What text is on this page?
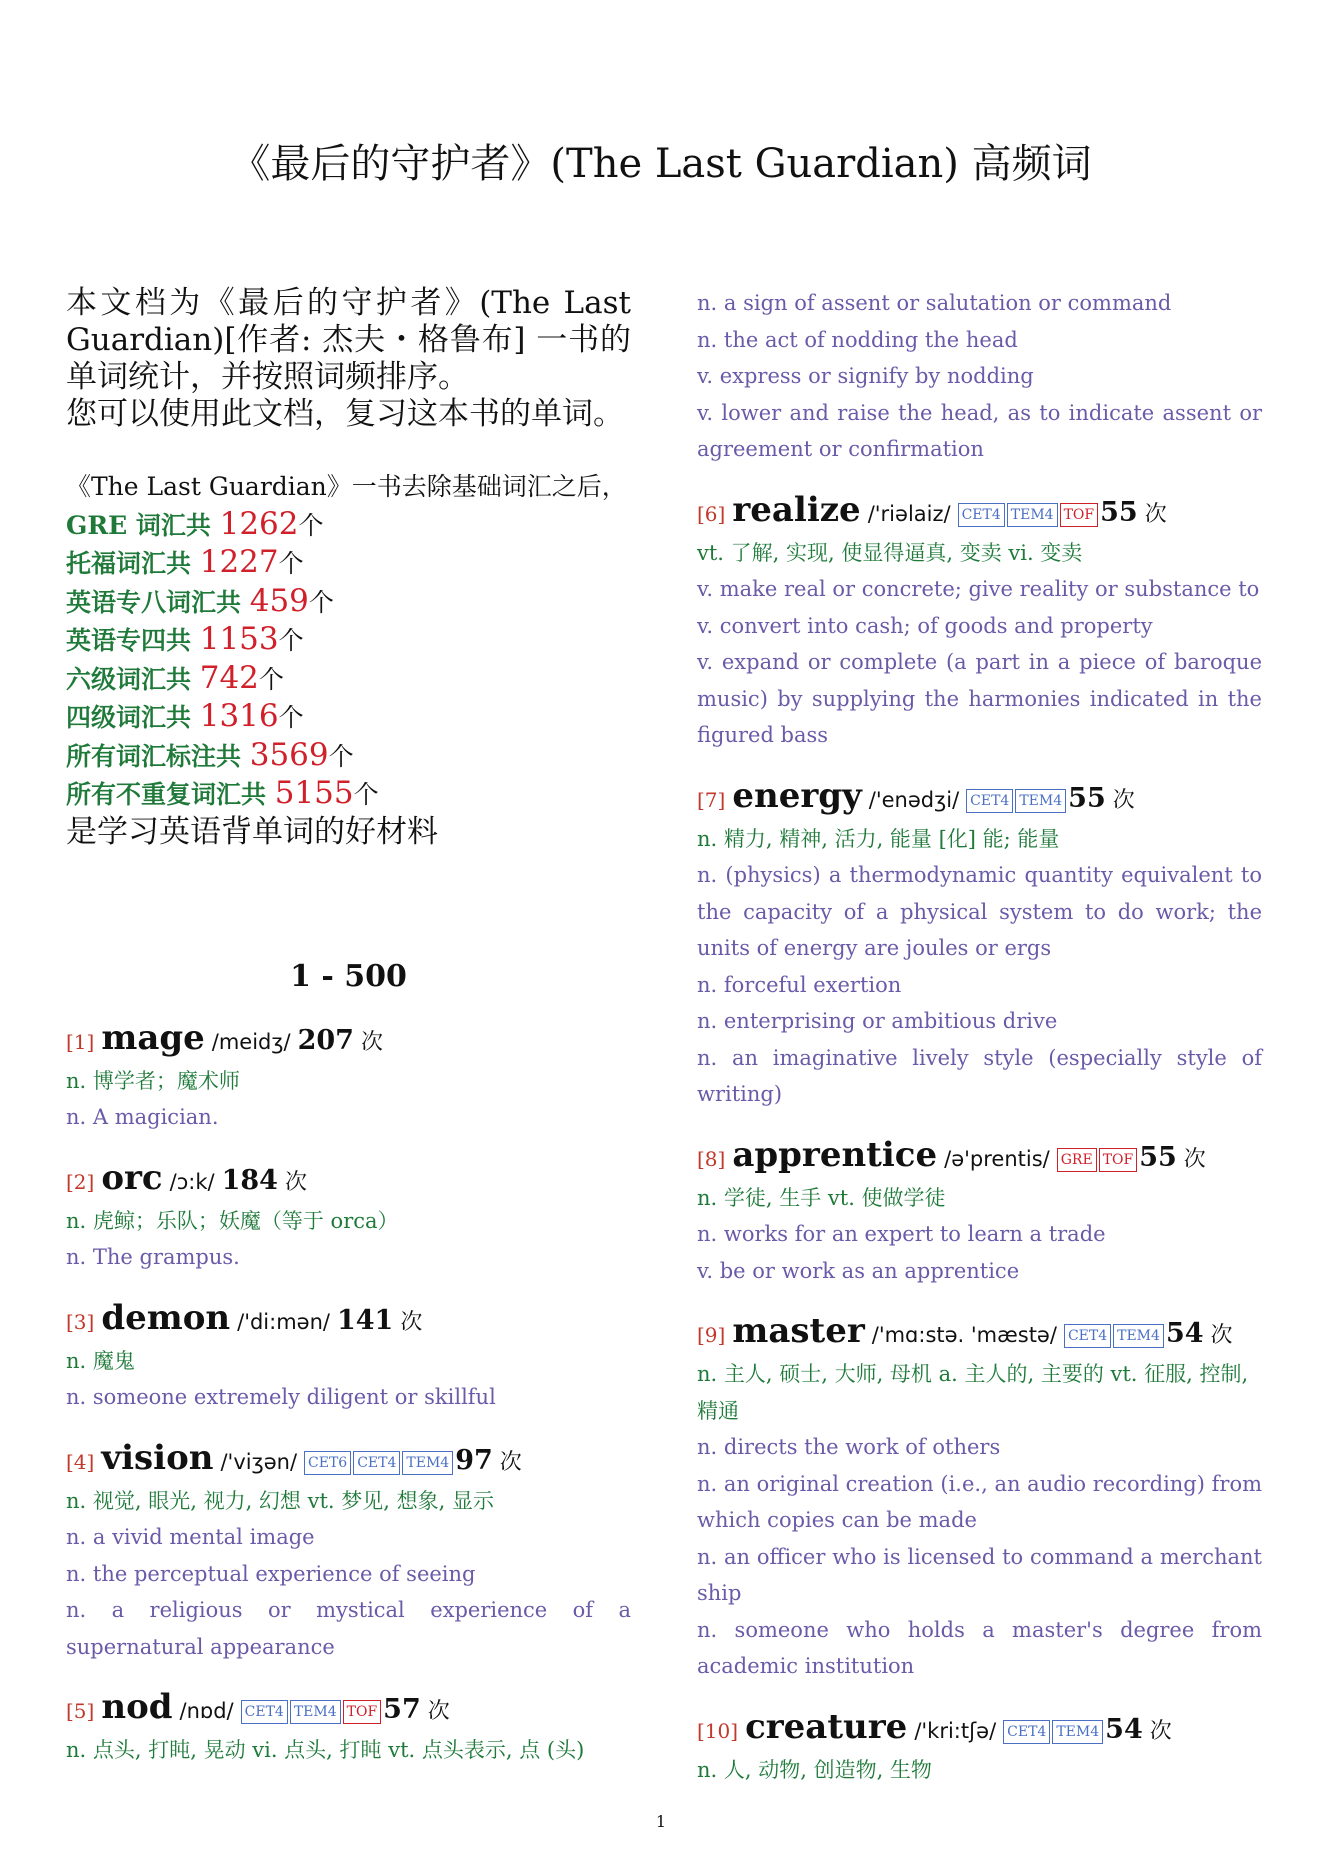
《最后的守护者》(The Last Guardian) 高频词

本文档为《最后的守护者》(The Last Guardian)[作者: 杰夫・格鲁布] 一书的单词统计，并按照词频排序。

您可以使用此文档，复习这本书的单词。

《The Last Guardian》一书去除基础词汇之后，
GRE 词汇共 1262个
托福词汇共 1227个
英语专八词汇共 459个
英语专四共 1153个
六级词汇共 742个
四级词汇共 1316个
所有词汇标注共 3569个
所有不重复词汇共 5155个
是学习英语背单词的好材料
1 - 500
[1] mage /meidʒ/ 207 次
n. 博学者；魔术师
n. A magician.
[2] orc /ɔ:k/ 184 次
n. 虎鲸；乐队；妖魔（等于 orca）
n. The grampus.
[3] demon /'di:mən/ 141 次
n. 魔鬼
n. someone extremely diligent or skillful
[4] vision /'viʒən/ CET6 CET4 TEM4 97 次
n. 视觉, 眼光, 视力, 幻想 vt. 梦见, 想象, 显示
n. a vivid mental image
n. the perceptual experience of seeing
n. a religious or mystical experience of a supernatural appearance
[5] nod /nɒd/ CET4 TEM4 TOF 57 次
n. 点头, 打盹, 晃动 vi. 点头, 打盹 vt. 点头表示, 点 (头)
n. a sign of assent or salutation or command
n. the act of nodding the head
v. express or signify by nodding
v. lower and raise the head, as to indicate assent or agreement or confirmation
[6] realize /'riəlaiz/ CET4 TEM4 TOF 55 次
vt. 了解, 实现, 使显得逼真, 变卖 vi. 变卖
v. make real or concrete; give reality or substance to
v. convert into cash; of goods and property
v. expand or complete (a part in a piece of baroque music) by supplying the harmonies indicated in the figured bass
[7] energy /'enədʒi/ CET4 TEM4 55 次
n. 精力, 精神, 活力, 能量 [化] 能; 能量
n. (physics) a thermodynamic quantity equivalent to the capacity of a physical system to do work; the units of energy are joules or ergs
n. forceful exertion
n. enterprising or ambitious drive
n. an imaginative lively style (especially style of writing)
[8] apprentice /ə'prentis/ GRE TOF 55 次
n. 学徒, 生手 vt. 使做学徒
n. works for an expert to learn a trade
v. be or work as an apprentice
[9] master /'mɑ:stə. 'mæstə/ CET4 TEM4 54 次
n. 主人, 硕士, 大师, 母机 a. 主人的, 主要的 vt. 征服, 控制, 精通
n. directs the work of others
n. an original creation (i.e., an audio recording) from which copies can be made
n. an officer who is licensed to command a merchant ship
n. someone who holds a master's degree from academic institution
[10] creature /'kri:tʃə/ CET4 TEM4 54 次
n. 人, 动物, 创造物, 生物
1
